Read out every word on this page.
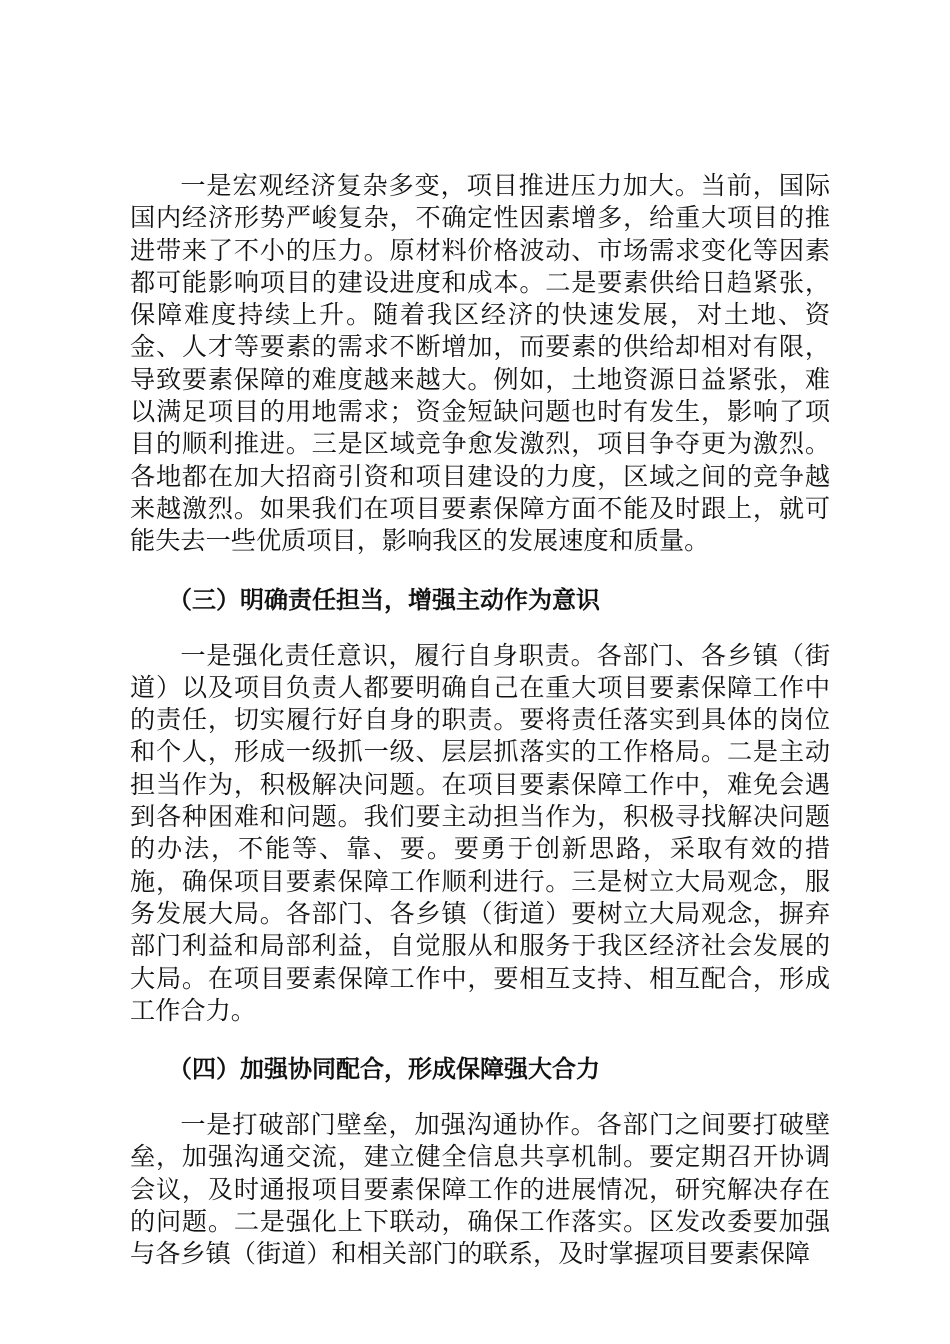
一是宏观经济复杂多变，项目推进压力加大。当前，国际国内经济形势严峻复杂，不确定性因素增多，给重大项目的推进带来了不小的压力。原材料价格波动、市场需求变化等因素都可能影响项目的建设进度和成本。二是要素供给日趋紧张，保障难度持续上升。随着我区经济的快速发展，对土地、资金、人才等要素的需求不断增加，而要素的供给却相对有限，导致要素保障的难度越来越大。例如，土地资源日益紧张，难以满足项目的用地需求；资金短缺问题也时有发生，影响了项目的顺利推进。三是区域竞争愈发激烈，项目争夺更为激烈。各地都在加大招商引资和项目建设的力度，区域之间的竞争越来越激烈。如果我们在项目要素保障方面不能及时跟上，就可能失去一些优质项目，影响我区的发展速度和质量。

（三）明确责任担当，增强主动作为意识

一是强化责任意识，履行自身职责。各部门、各乡镇（街道）以及项目负责人都要明确自己在重大项目要素保障工作中的责任，切实履行好自身的职责。要将责任落实到具体的岗位和个人，形成一级抓一级、层层抓落实的工作格局。二是主动担当作为，积极解决问题。在项目要素保障工作中，难免会遇到各种困难和问题。我们要主动担当作为，积极寻找解决问题的办法，不能等、靠、要。要勇于创新思路，采取有效的措施，确保项目要素保障工作顺利进行。三是树立大局观念，服务发展大局。各部门、各乡镇（街道）要树立大局观念，摒弃部门利益和局部利益，自觉服从和服务于我区经济社会发展的大局。在项目要素保障工作中，要相互支持、相互配合，形成工作合力。

（四）加强协同配合，形成保障强大合力

一是打破部门壁垒，加强沟通协作。各部门之间要打破壁垒，加强沟通交流，建立健全信息共享机制。要定期召开协调会议，及时通报项目要素保障工作的进展情况，研究解决存在的问题。二是强化上下联动，确保工作落实。区发改委要加强与各乡镇（街道）和相关部门的联系，及时掌握项目要素保障
